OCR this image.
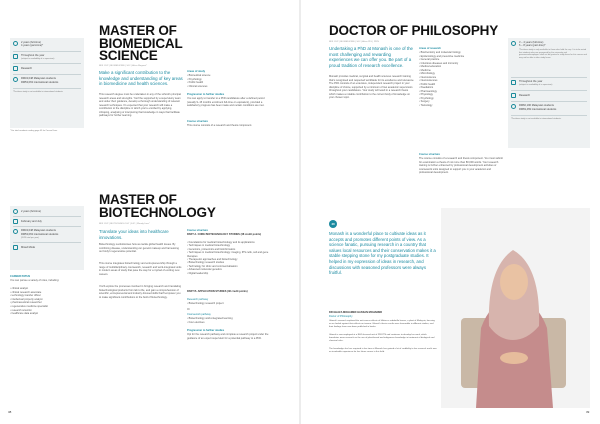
2 years (full-time)
4 years (part-time)*
Throughout the year
(subject to availability of a supervisor)
Research
RM43,048 Malaysian students
RM53,063 international students
*Part-time study is not available to international students
* For total academic ending page 45 for Course Fees.
MASTER OF BIOMEDICAL SCIENCE
RFF CUP | BIOMEDICINE | SJC | Alicia Magaret*
Make a significant contribution to the knowledge and understanding of key areas in biomedicine and health sciences.
This research degree must be undertaken in any of the school's principal research areas and strengths. You'll be supported by a supervisory team and under their guidance, develop a thorough understanding of relevant research techniques. It's expected that your research will make a contribution to the discipline in which you're enrolled by applying, critiquing, analysing or interpreting that knowledge in ways that facilitate pathways for further learning.
Areas of study
• Biomedical science
• Psychology
• Public health
• Clinical sciences
Progression to further studies
You can apply to transfer to a PhD candidature after a defined period (usually 9–15 months enrolment full-time or equivalent), provided a satisfactory progress has been made and certain conditions are met.
Course structure
This course consists of a research and thesis component.
2 years (full-time)
February and July
RM43,048 Malaysian students
RM53,063 international students
(2023 total per year)
Mixed Mode
CAREER PATHS
You can pursue a variety of roles, including:
• clinical analyst
• clinical research associate
• technology transfer officer
• intellectual property analyst
• pharmaceutical researcher
• regenerative medicine specialist
• research scientist
• healthcare data analyst
MASTER OF BIOTECHNOLOGY
RFF CUP | BIOTECHNOLOGY | SJC | Wendy Liew*
Translate your ideas into healthcare innovations.
Biotechnology revolutionises how we tackle global health issues. By combining disease, understanding our genetic makeup and harnessing our body's regenerative potential.
This course integrates biotechnology and entrepreneurship through a range of multidisciplinary coursework, research and work-integrated units in modern areas of study that pave the way for a myriad of exciting new careers.
You'll explore the processes involved in bringing research and translating biotechnological products from lab to life, and gain a comprehension of scientific, entrepreneurial and industry-focused skills that'll empower you to make significant contributions to the field of biotechnology.
Course structure
PART A. CORE BIOTECHNOLOGY STUDIES (48 credit points)
• Foundations for medical biotechnology and its applications
• Techniques in medical biotechnology
• Genomics, proteomics and bioinformatics
• Techniques in medical biotechnology: imaging, IPS cells, cell and gene therapies
• Therapeutic approaches and biotechnology
• Biotechnology research studies
• Technology for clinic and commercialisation
• Advanced molecular genetics
• Digital leadership
PART B. APPLICATION STUDIES (48 credit points)
Research pathway
• Biotechnology research project
Or
Coursework pathway
• Biotechnology work-integrated learning
• Four electives
Progression to further studies
Opt for the research pathway and complete a research project under the guidance of an expert supervisor for a potential pathway to a PhD.
38
DOCTOR OF PHILOSOPHY
RFF CUP | BIOMEDICINE | SJC | Alicia PFL | PFIN
Undertaking a PhD at Monash is one of the most challenging and rewarding experiences we can offer you. Be part of a proud tradition of research excellence.
Monash provides medical, surgical and health sciences research training that's recognised and respected worldwide for its excellence and relevance. The PhD consists of an extensive, independent research project in your discipline of choice, supported by a minimum of two academic supervisors throughout your candidature. Your study will result in a research thesis which makes a notable contribution to the current body of knowledge on your chosen topic.
Areas of research
• Biochemistry and molecular biology
• Epidemiology and preventive medicine
• General practice
• Infectious diseases and immunity
• Medical education
• Medicine
• Microbiology
• Neuroscience
• Neurosciences
• Public health
• Paediatrics
• Pharmacology
• Physiology
• Psychology
• Surgery
• Toxicology
Course structure
The course consists of a research and thesis component. You must submit for examination a thesis of not more than 80,000 words. Your research training is further enhanced by professional development activities or coursework units designed to support you in your academic and professional development.
3 – 4 years (full-time)
6 – 8 years (part-time)*
*Part-time study is only available to those who hold the cup. It is to be noted that students who are sponsored by the university and government/employers shall not be granted a study leave for this course and may not be able to take study leave.
Throughout the year
(subject to availability of a supervisor)
Research
RM60,196 Malaysian students
RM69,469 international students
*Part-time study is not available to international students.
40
Monash is a wonderful place to cultivate ideas as it accepts and promotes different points of view. As a science fanatic, pursuing research in a country that values local resources and their conservation makes it a stable stepping stone for my postgraduate studies. It helped in my expression of ideas in research, and discussions with seasoned professors were always fruitful.
DR GHAZA MOHAMED HASSAN MOHAMED
Doctor of Philosophy
Ghazal's research explored the anti-cancer effects of Hibiscus sabdariffa leaves, a plant of Malaysia, focusing on an herbal against their effects on tumour. Ghazal's thesis results were favourable in different studies, and their findings have now been published in books.
Ghazal is now employed at a R&D-focused unit of PRC/TN and continues to develop her work, which formulates more research on the use of plant-based and indigenous knowledge in treatment of biological and chemical risks.
The knowledge she has acquired in her time at Monash has gained a lot of credibility to her research and it was an invaluable experience for her future career in this field.
39
